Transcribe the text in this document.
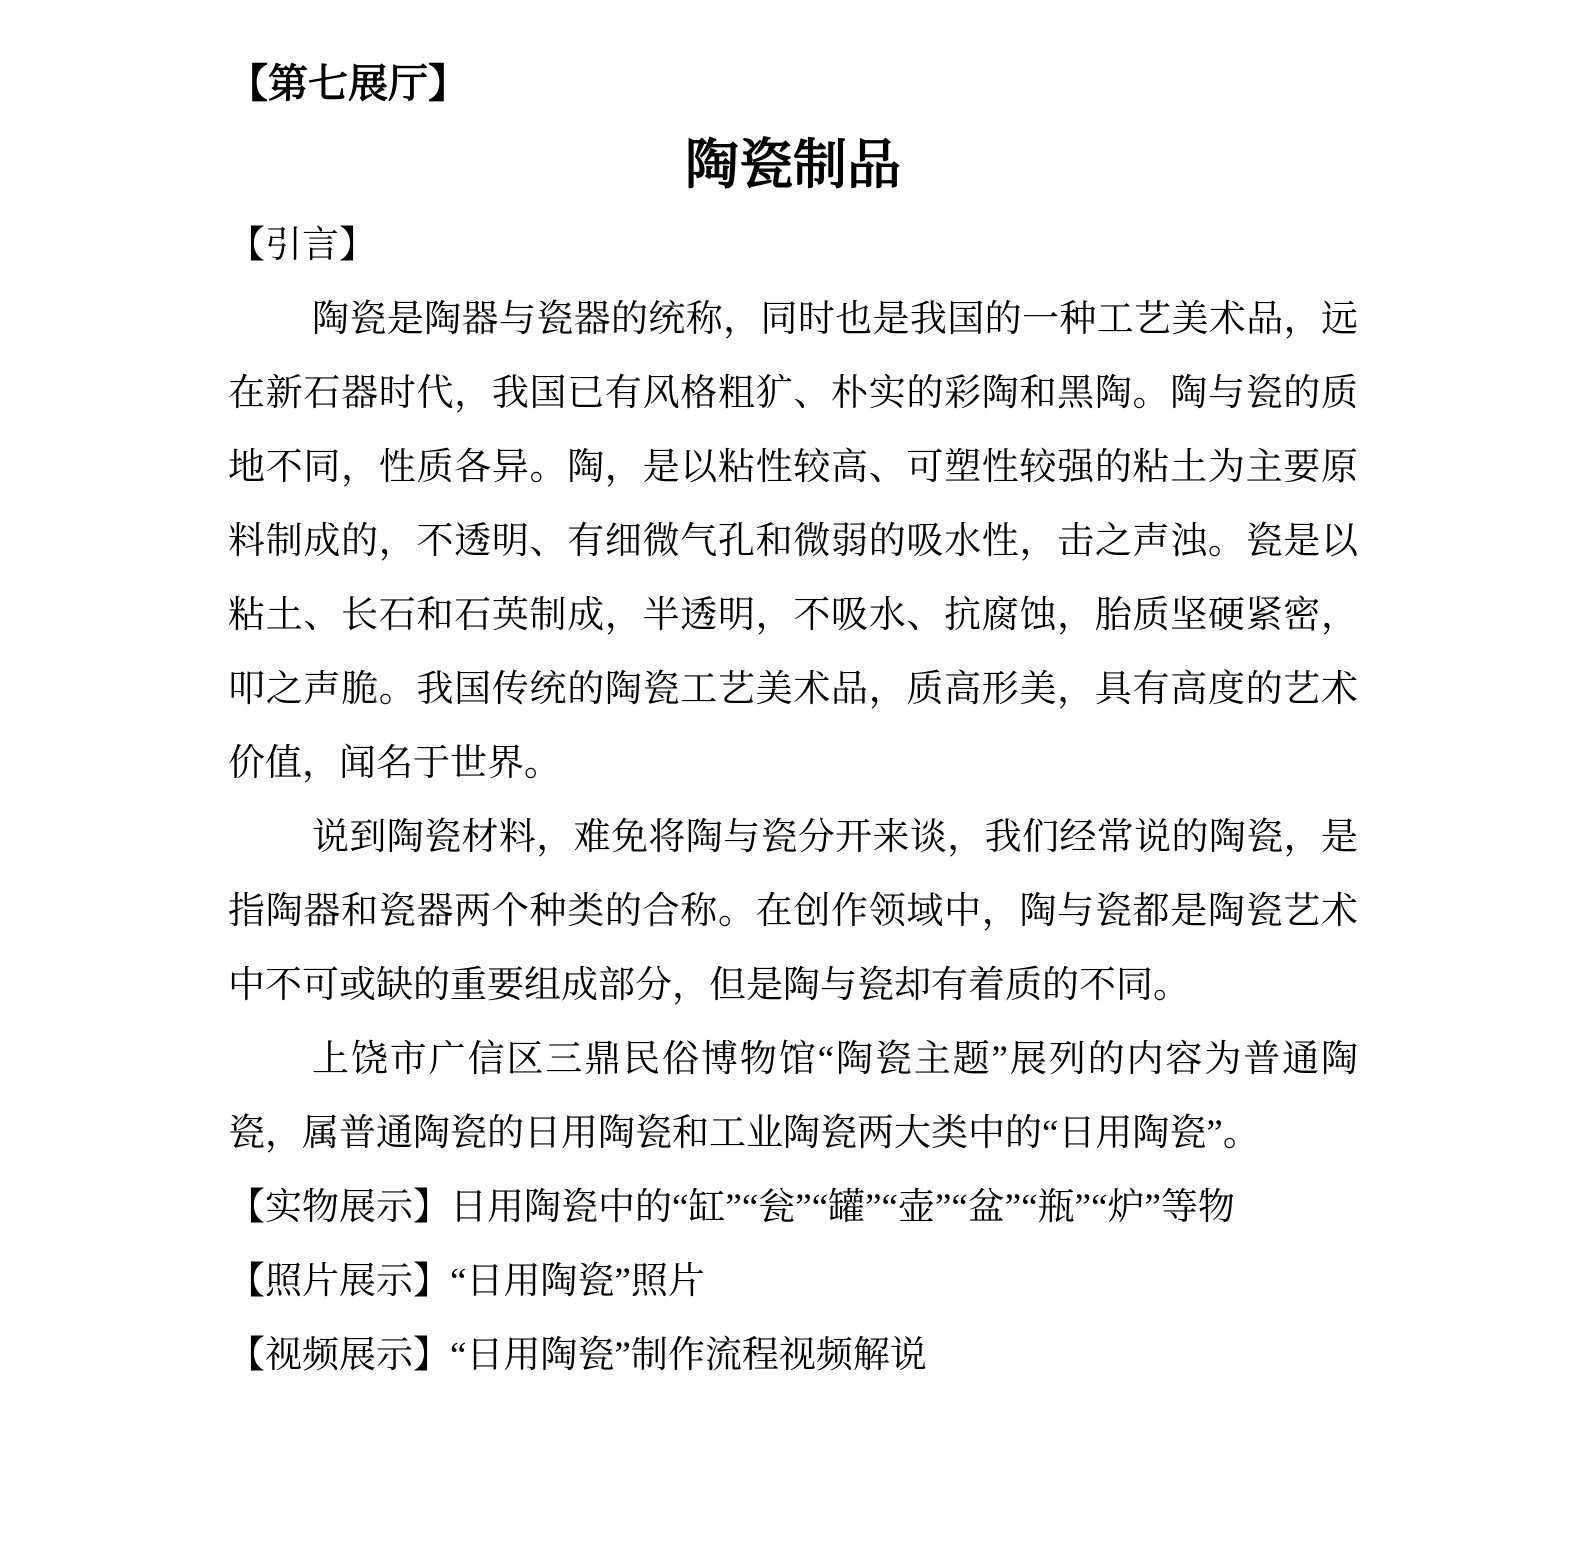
【第七展厅】
陶瓷制品
【引言】

陶瓷是陶器与瓷器的统称，同时也是我国的一种工艺美术品，远在新石器时代，我国已有风格粗犷、朴实的彩陶和黑陶。陶与瓷的质地不同，性质各异。陶，是以粘性较高、可塑性较强的粘土为主要原料制成的，不透明、有细微气孔和微弱的吸水性，击之声浊。瓷是以粘土、长石和石英制成，半透明，不吸水、抗腐蚀，胎质坚硬紧密，叩之声脆。我国传统的陶瓷工艺美术品，质高形美，具有高度的艺术价值，闻名于世界。

说到陶瓷材料，难免将陶与瓷分开来谈，我们经常说的陶瓷，是指陶器和瓷器两个种类的合称。在创作领域中，陶与瓷都是陶瓷艺术中不可或缺的重要组成部分，但是陶与瓷却有着质的不同。

上饶市广信区三鼎民俗博物馆“陶瓷主题”展列的内容为普通陶瓷，属普通陶瓷的日用陶瓷和工业陶瓷两大类中的“日用陶瓷”。

【实物展示】日用陶瓷中的“缸”“瓮”“罐”“壶”“盆”“瓶”“炉”等物

【照片展示】“日用陶瓷”照片

【视频展示】“日用陶瓷”制作流程视频解说
